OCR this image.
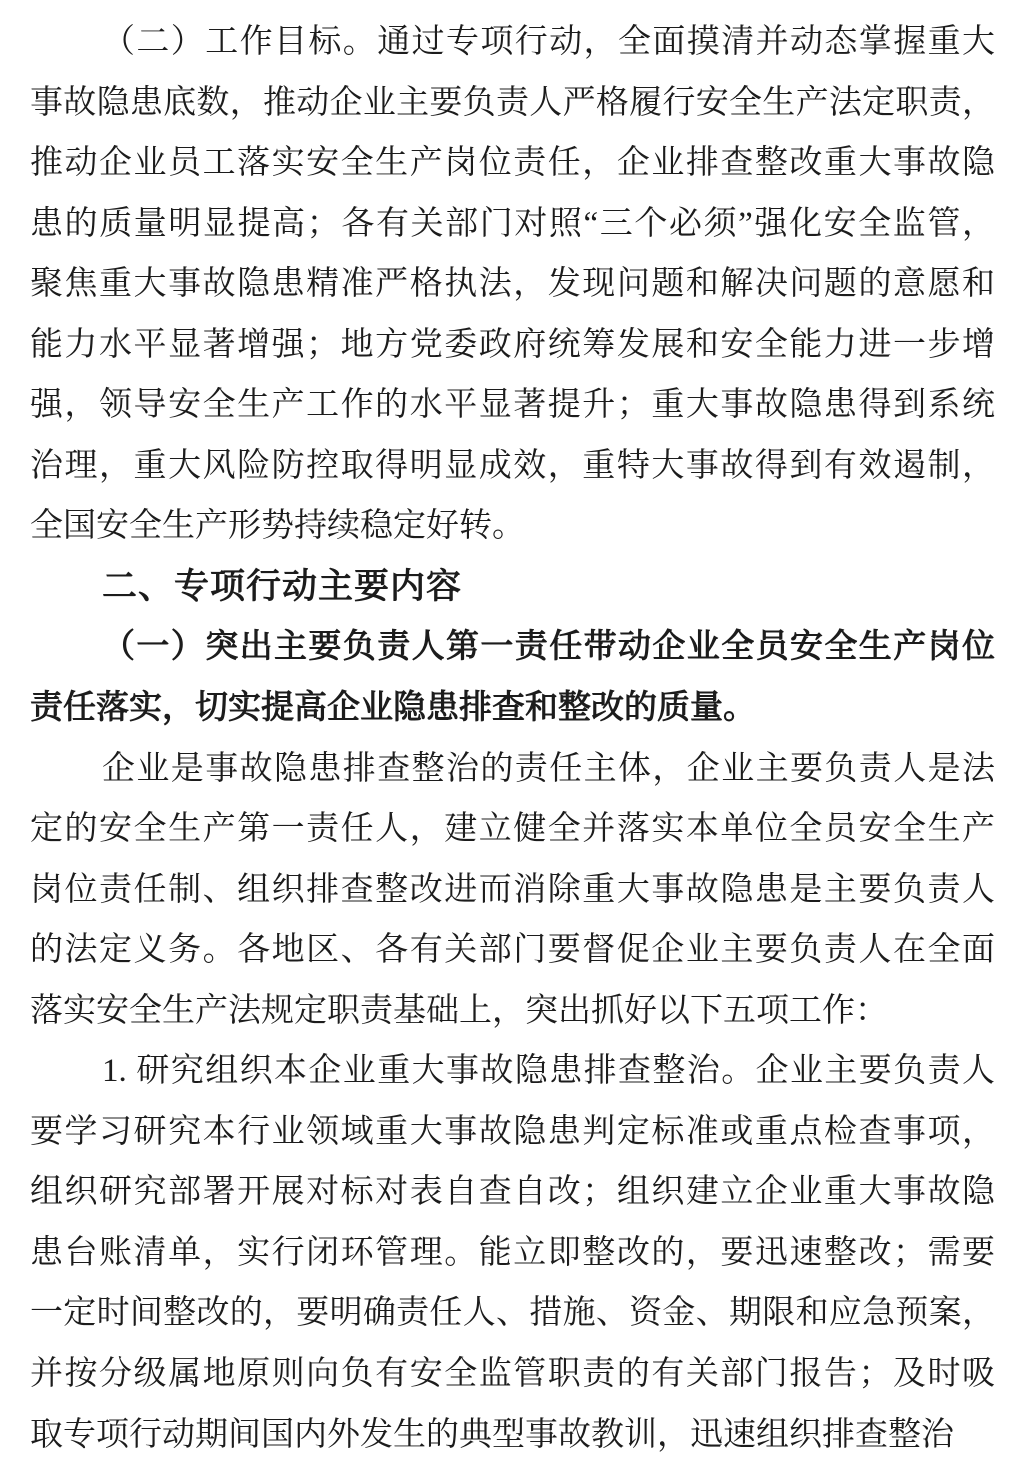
（二）工作目标。通过专项行动，全面摸清并动态掌握重大
事故隐患底数，推动企业主要负责人严格履行安全生产法定职责，
推动企业员工落实安全生产岗位责任，企业排查整改重大事故隐
患的质量明显提高；各有关部门对照“三个必须”强化安全监管，
聚焦重大事故隐患精准严格执法，发现问题和解决问题的意愿和
能力水平显著增强；地方党委政府统筹发展和安全能力进一步增
强，领导安全生产工作的水平显著提升；重大事故隐患得到系统
治理，重大风险防控取得明显成效，重特大事故得到有效遏制，
全国安全生产形势持续稳定好转。
二、专项行动主要内容
（一）突出主要负责人第一责任带动企业全员安全生产岗位
责任落实，切实提高企业隐患排查和整改的质量。
企业是事故隐患排查整治的责任主体，企业主要负责人是法
定的安全生产第一责任人，建立健全并落实本单位全员安全生产
岗位责任制、组织排查整改进而消除重大事故隐患是主要负责人
的法定义务。各地区、各有关部门要督促企业主要负责人在全面
落实安全生产法规定职责基础上，突出抓好以下五项工作：
1. 研究组织本企业重大事故隐患排查整治。企业主要负责人
要学习研究本行业领域重大事故隐患判定标准或重点检查事项，
组织研究部署开展对标对表自查自改；组织建立企业重大事故隐
患台账清单，实行闭环管理。能立即整改的，要迅速整改；需要
一定时间整改的，要明确责任人、措施、资金、期限和应急预案，
并按分级属地原则向负有安全监管职责的有关部门报告；及时吸
取专项行动期间国内外发生的典型事故教训，迅速组织排查整治
